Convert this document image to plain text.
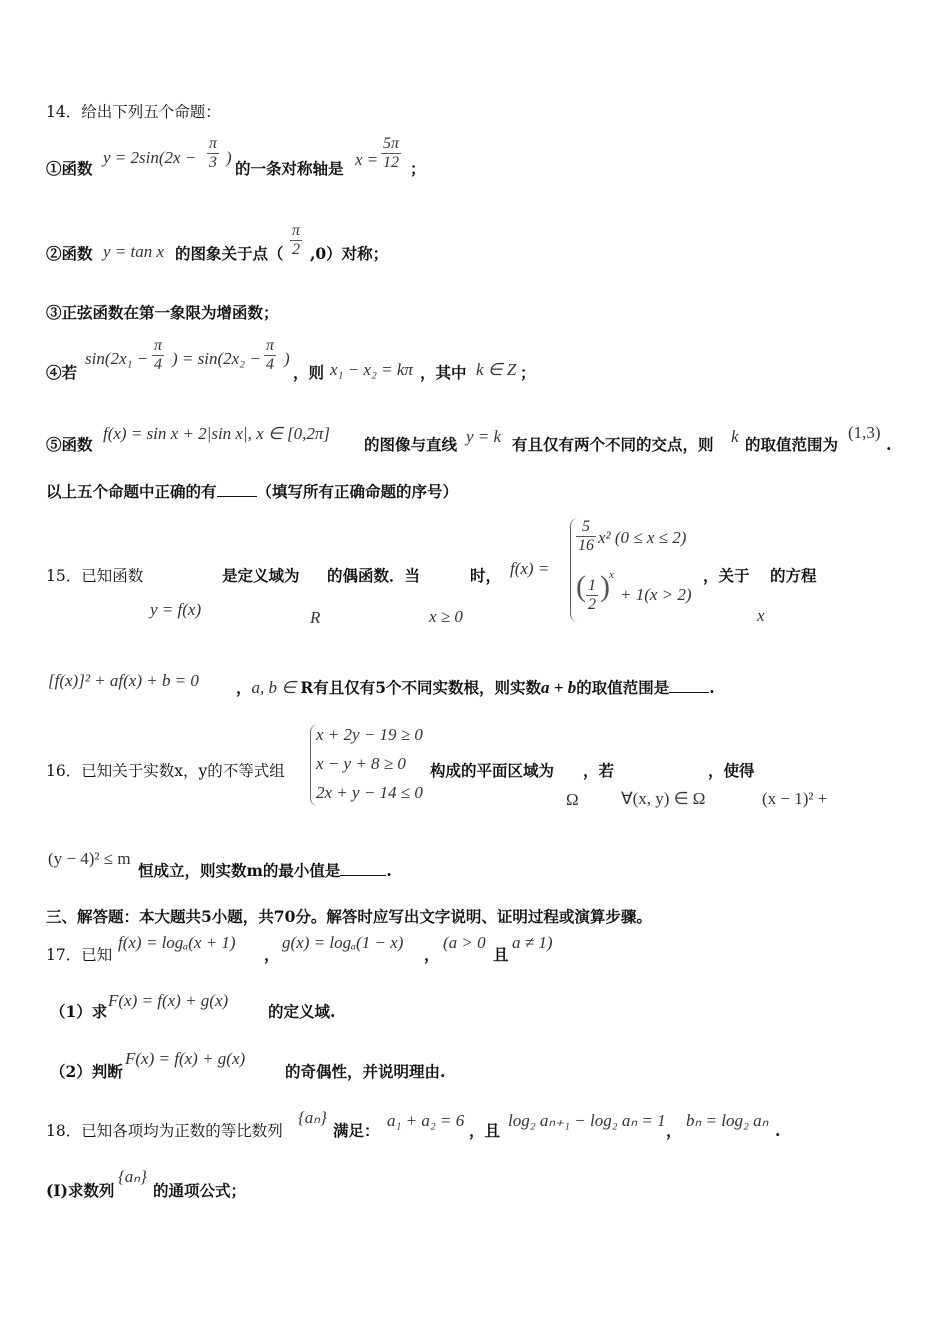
14．给出下列五个命题：
①函数
$y = 2\sin(2x - \frac{\pi}{3}$ )
的一条对称轴是 $x = \frac{5\pi}{12}$ ；
②函数 y = tan x 的图象关于点（ $\frac{\pi}{2} ,0$）对称；
③正弦函数在第一象限为增函数；
④若
$\sin(2x_1 - \frac{\pi}{4}$ ) = $\sin(2x_2 - \frac{\pi}{4}$ )
，则 x₁ − x₂ = kπ ，其中 k ∈ Z ；
⑤函数
f(x) = sin x + 2|sin x|, x ∈ [0,2π]
的图像与直线 y = k 有且仅有两个不同的交点，则 k 的取值范围为
(1,3)
.
以上五个命题中正确的有	（填写所有正确命题的序号）
15．已知函数	是定义域为 的偶函数．当	时，
y = f(x)	R	x ≥ 0
f(x) =
$\frac{5}{16} x^2$ (0 ≤ x ≤ 2)
( $\frac{1}{2}$ ) x
+ 1(x > 2)
，关于 的方程
x
[f(x)]² + af(x) + b = 0 ，a, b ∈ R有且仅有5个不同实数根，则实数a + b的取值范围是	.
16．已知关于实数x，y的不等式组
x + 2y − 19 ≥ 0
x − y + 8 ≥ 0
2x + y − 14 ≤ 0
构成的平面区域为
Ω
，若
∀(x, y) ∈ Ω
，使得
(x − 1)² +
(y − 4)² ≤ m
恒成立，则实数m的最小值是	.
三、解答题：本大题共5小题，共70分。解答时应写出文字说明、证明过程或演算步骤。
17．已知
f(x) = logₐ(x + 1)
，
g(x) = logₐ(1 − x)
，
(a > 0
且
a ≠ 1)
（1）求
F(x) = f(x) + g(x)
的定义域.
（2）判断
F(x) = f(x) + g(x)
的奇偶性，并说明理由.
18．已知各项均为正数的等比数列
{aₙ}
满足：
a₁ + a₂ = 6
，且
log₂ aₙ₊₁ − log₂ aₙ = 1
，
bₙ = log₂ aₙ
.
(I)求数列
{aₙ}
的通项公式；
